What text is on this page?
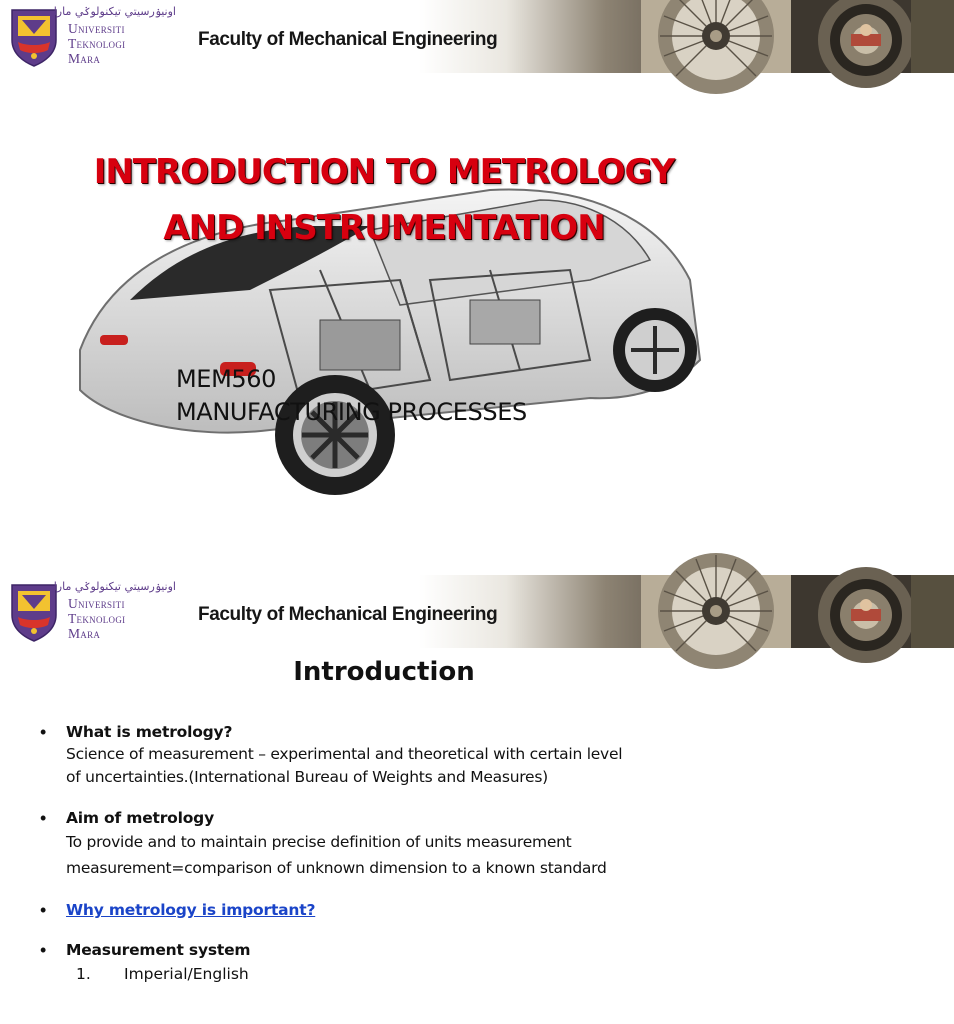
اونيۏرسيتي تيکنولوݢي مارا
Universiti
Teknologi
Mara
Faculty of Mechanical Engineering
INTRODUCTION TO METROLOGY
AND INSTRUMENTATION
MEM560
MANUFACTURING PROCESSES
اونيۏرسيتي تيکنولوݢي مارا
Universiti
Teknologi
Mara
Faculty of Mechanical Engineering
Introduction
• What is metrology?

Science of measurement – experimental and theoretical with certain level

of uncertainties.(International Bureau of Weights and Measures)

• Aim of metrology

To provide and to maintain precise definition of units measurement

measurement=comparison of unknown dimension to a known standard

• Why metrology is important?
• Measurement system
1. Imperial/English
